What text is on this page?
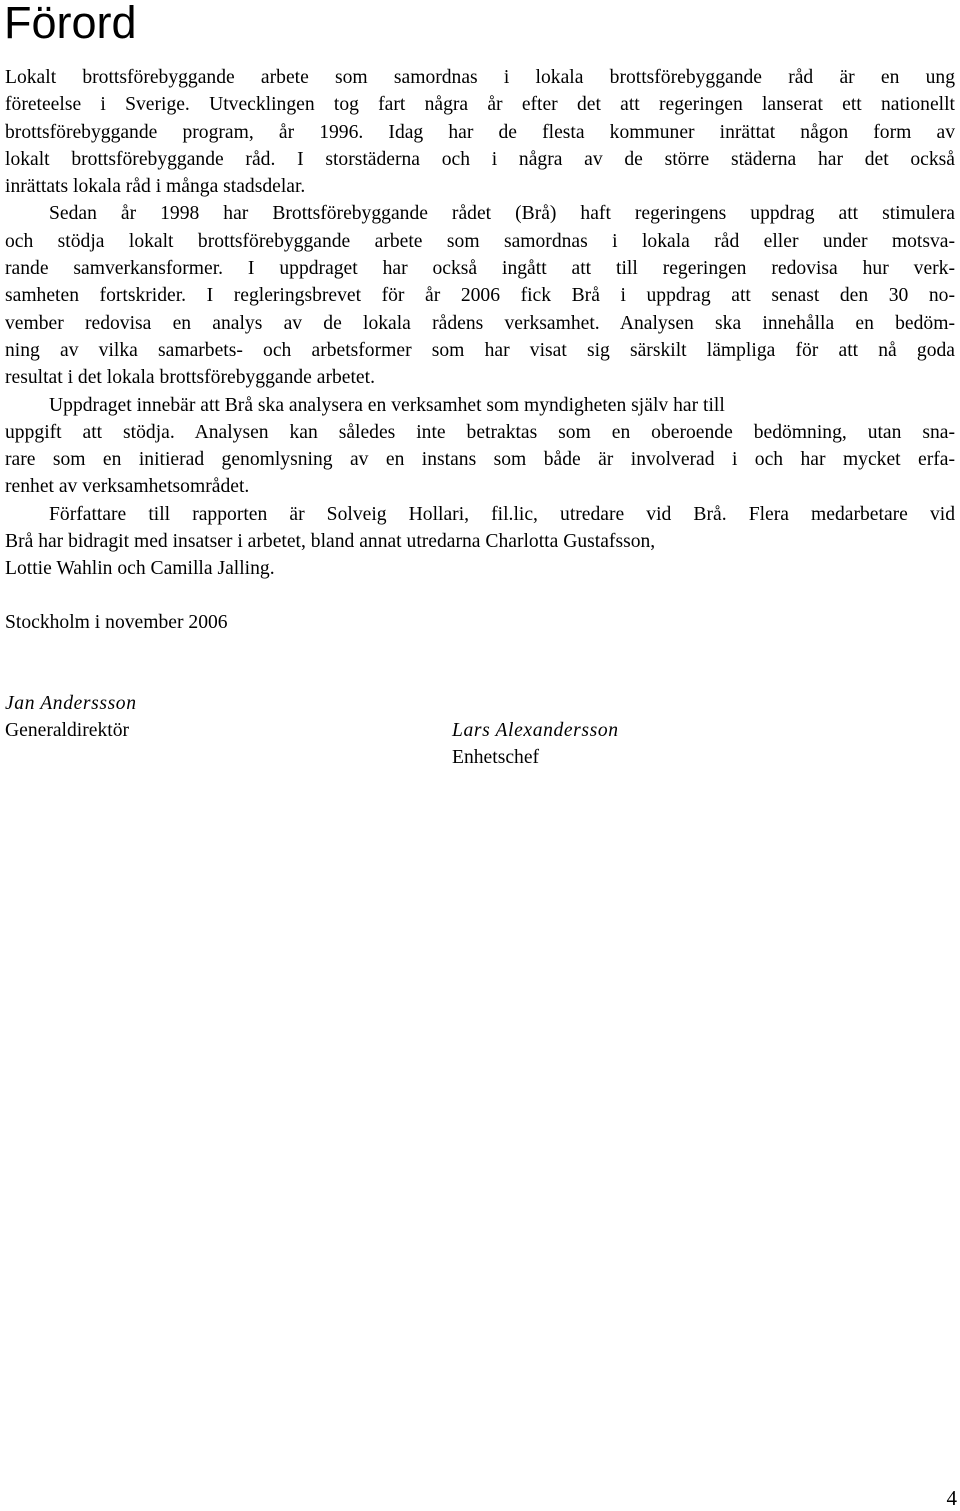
Förord
Lokalt brottsförebyggande arbete som samordnas i lokala brottsförebyggande råd är en ung
företeelse i Sverige. Utvecklingen tog fart några år efter det att regeringen lanserat ett nationellt
brottsförebyggande program, år 1996. Idag har de flesta kommuner inrättat någon form av
lokalt brottsförebyggande råd. I storstäderna och i några av de större städerna har det också
inrättats lokala råd i många stadsdelar.
Sedan år 1998 har Brottsförebyggande rådet (Brå) haft regeringens uppdrag att stimulera
och stödja lokalt brottsförebyggande arbete som samordnas i lokala råd eller under motsva-
rande samverkansformer. I uppdraget har också ingått att till regeringen redovisa hur verk-
samheten fortskrider. I regleringsbrevet för år 2006 fick Brå i uppdrag att senast den 30 no-
vember redovisa en analys av de lokala rådens verksamhet. Analysen ska innehålla en bedöm-
ning av vilka samarbets- och arbetsformer som har visat sig särskilt lämpliga för att nå goda
resultat i det lokala brottsförebyggande arbetet.
Uppdraget innebär att Brå ska analysera en verksamhet som myndigheten själv har till
uppgift att stödja. Analysen kan således inte betraktas som en oberoende bedömning, utan sna-
rare som en initierad genomlysning av en instans som både är involverad i och har mycket erfa-
renhet av verksamhetsområdet.
Författare till rapporten är Solveig Hollari, fil.lic, utredare vid Brå. Flera medarbetare vid
Brå har bidragit med insatser i arbetet, bland annat utredarna Charlotta Gustafsson,
Lottie Wahlin och Camilla Jalling.
Stockholm i november 2006
Jan Anderssson
Generaldirektör	Lars Alexandersson
Enhetschef
4
